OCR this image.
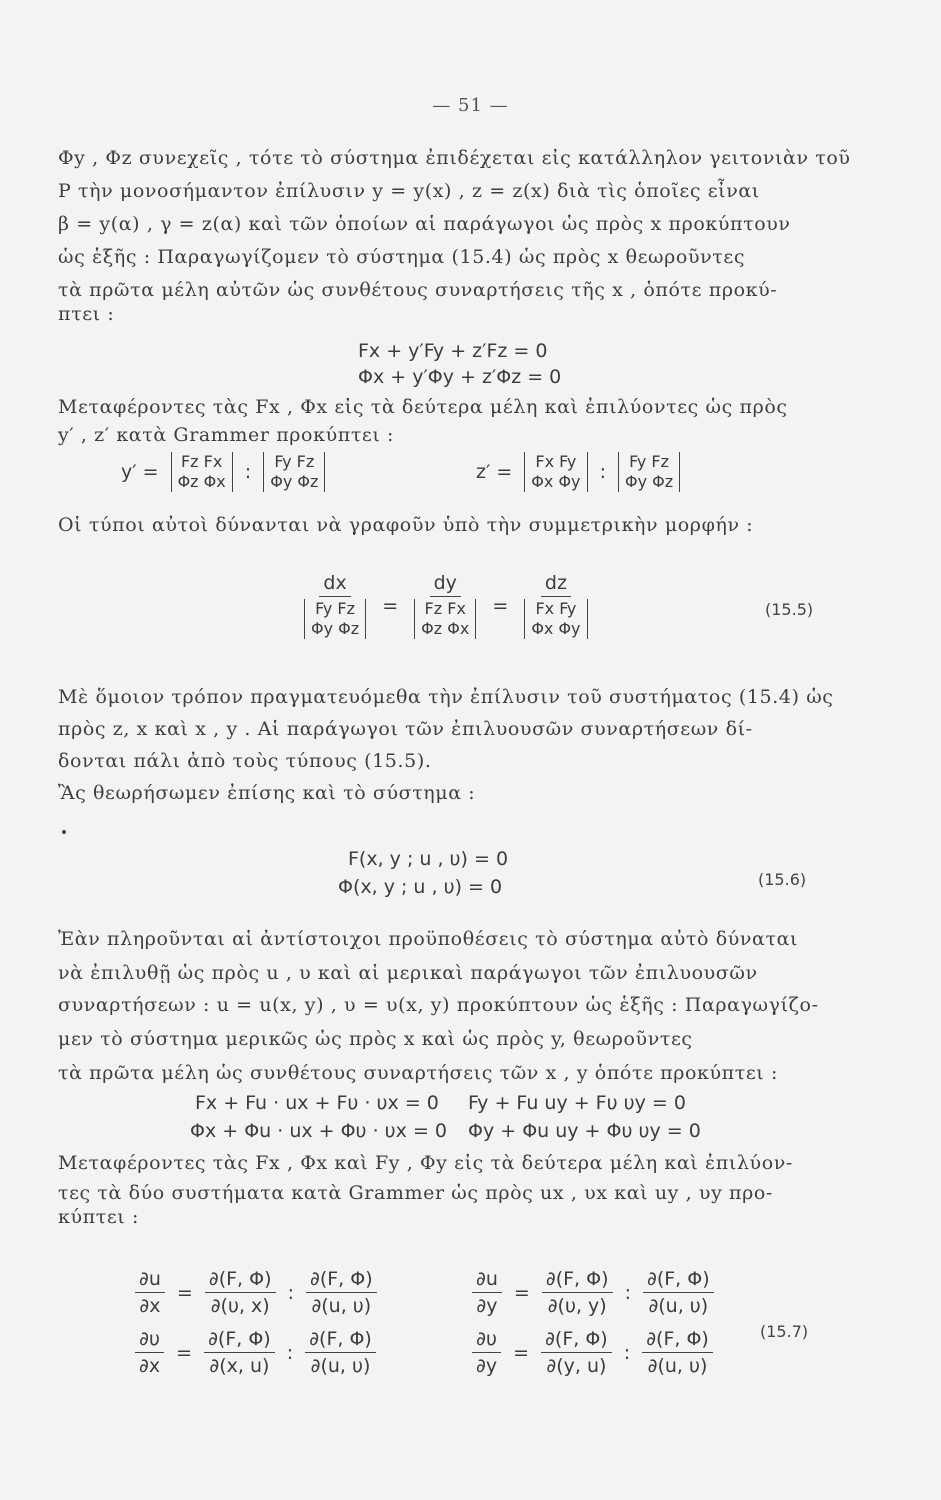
— 51 —
Φy , Φz συνεχεῖς , τότε τὸ σύστημα ἐπιδέχεται εἰς κατάλληλον γειτονιὰν τοῦ
P τὴν μονοσήμαντον ἐπίλυσιν y = y(x) , z = z(x) διὰ τὶς ὁποῖες εἶναι
β = y(α) , γ = z(α) καὶ τῶν ὁποίων αἱ παράγωγοι ὡς πρὸς x προκύπτουν
ὡς ἑξῆς : Παραγωγίζομεν τὸ σύστημα (15.4) ὡς πρὸς x θεωροῦντες
τὰ πρῶτα μέλη αὐτῶν ὡς συνθέτους συναρτήσεις τῆς x , ὁπότε προκύ-
πτει :
Fx + y′Fy + z′Fz = 0
Φx + y′Φy + z′Φz = 0
Μεταφέροντες τὰς Fx , Φx εἰς τὰ δεύτερα μέλη καὶ ἐπιλύοντες ὡς πρὸς
y′ , z′ κατὰ Grammer προκύπτει :
y′ = Fz Fx
Φz Φx : Fy Fz
Φy Φz	z′ = Fx Fy
Φx Φy : Fy Fz
Φy Φz
Οἱ τύποι αὐτοὶ δύνανται νὰ γραφοῦν ὑπὸ τὴν συμμετρικὴν μορφήν :
dx
Fy Fz
Φy Φz = dy
Fz Fx
Φz Φx = dz
Fx Fy
Φx Φy	(15.5)
Μὲ ὅμοιον τρόπον πραγματευόμεθα τὴν ἐπίλυσιν τοῦ συστήματος (15.4) ὡς
πρὸς z, x καὶ x , y . Αἱ παράγωγοι τῶν ἐπιλυουσῶν συναρτήσεων δί-
δονται πάλι ἀπὸ τοὺς τύπους (15.5).
Ἂς θεωρήσωμεν ἐπίσης καὶ τὸ σύστημα :
F(x, y ; u , υ) = 0
Φ(x, y ; u , υ) = 0	(15.6)
Ἐὰν πληροῦνται αἱ ἀντίστοιχοι προϋποθέσεις τὸ σύστημα αὐτὸ δύναται
νὰ ἐπιλυθῇ ὡς πρὸς u , υ καὶ αἱ μερικαὶ παράγωγοι τῶν ἐπιλυουσῶν
συναρτήσεων : u = u(x, y) , υ = υ(x, y) προκύπτουν ὡς ἑξῆς : Παραγωγίζο-
μεν τὸ σύστημα μερικῶς ὡς πρὸς x καὶ ὡς πρὸς y, θεωροῦντες
τὰ πρῶτα μέλη ὡς συνθέτους συναρτήσεις τῶν x , y ὁπότε προκύπτει :
Fx + Fu · ux + Fυ · υx = 0
Φx + Φu · ux + Φυ · υx = 0
Fy + Fu uy + Fυ υy = 0
Φy + Φu uy + Φυ υy = 0
Μεταφέροντες τὰς Fx , Φx καὶ Fy , Φy εἰς τὰ δεύτερα μέλη καὶ ἐπιλύον-
τες τὰ δύο συστήματα κατὰ Grammer ὡς πρὸς ux , υx καὶ uy , υy προ-
κύπτει :
$\frac{\partial u}{\partial x} = \frac{\partial(F, \Phi)}{\partial(\upsilon, x)}$ : $\frac{\partial(F, \Phi)}{\partial(u, \upsilon)}$
$\frac{\partial\upsilon}{\partial x} = \frac{\partial(F, \Phi)}{\partial(x, u)}$ : $\frac{\partial(F, \Phi)}{\partial(u, \upsilon)}$
$\frac{\partial u}{\partial y} = \frac{\partial(F, \Phi)}{\partial(\upsilon, y)}$ : $\frac{\partial(F, \Phi)}{\partial(u, \upsilon)}$
$\frac{\partial\upsilon}{\partial y} = \frac{\partial(F, \Phi)}{\partial(y, u)}$ : $\frac{\partial(F, \Phi)}{\partial(u, \upsilon)}$	(15.7)
